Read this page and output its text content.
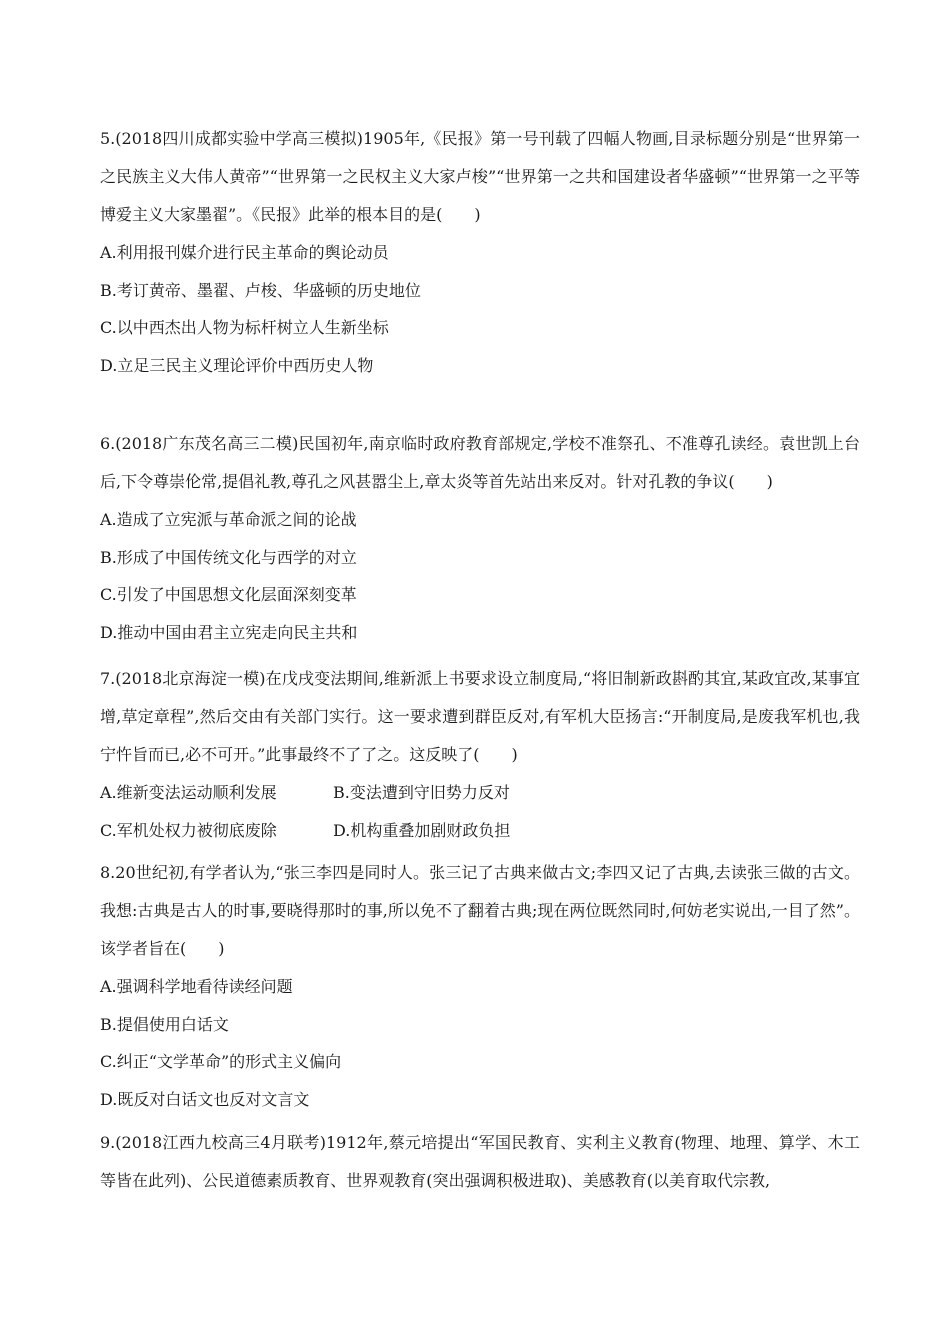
5.(2018四川成都实验中学高三模拟)1905年,《民报》第一号刊载了四幅人物画,目录标题分别是“世界第一之民族主义大伟人黄帝”“世界第一之民权主义大家卢梭”“世界第一之共和国建设者华盛顿”“世界第一之平等博爱主义大家墨翟”。《民报》此举的根本目的是(　　)

A.利用报刊媒介进行民主革命的舆论动员

B.考订黄帝、墨翟、卢梭、华盛顿的历史地位

C.以中西杰出人物为标杆树立人生新坐标

D.立足三民主义理论评价中西历史人物

6.(2018广东茂名高三二模)民国初年,南京临时政府教育部规定,学校不准祭孔、不准尊孔读经。袁世凯上台后,下令尊崇伦常,提倡礼教,尊孔之风甚嚣尘上,章太炎等首先站出来反对。针对孔教的争议(　　)

A.造成了立宪派与革命派之间的论战

B.形成了中国传统文化与西学的对立

C.引发了中国思想文化层面深刻变革

D.推动中国由君主立宪走向民主共和

7.(2018北京海淀一模)在戊戌变法期间,维新派上书要求设立制度局,“将旧制新政斟酌其宜,某政宜改,某事宜增,草定章程”,然后交由有关部门实行。这一要求遭到群臣反对,有军机大臣扬言:“开制度局,是废我军机也,我宁忤旨而已,必不可开。”此事最终不了了之。这反映了(　　)

A.维新变法运动顺利发展	B.变法遭到守旧势力反对
C.军机处权力被彻底废除	D.机构重叠加剧财政负担

8.20世纪初,有学者认为,“张三李四是同时人。张三记了古典来做古文;李四又记了古典,去读张三做的古文。我想:古典是古人的时事,要晓得那时的事,所以免不了翻着古典;现在两位既然同时,何妨老实说出,一目了然”。该学者旨在(　　)

A.强调科学地看待读经问题

B.提倡使用白话文

C.纠正“文学革命”的形式主义偏向

D.既反对白话文也反对文言文

9.(2018江西九校高三4月联考)1912年,蔡元培提出“军国民教育、实利主义教育(物理、地理、算学、木工等皆在此列)、公民道德素质教育、世界观教育(突出强调积极进取)、美感教育(以美育取代宗教,
